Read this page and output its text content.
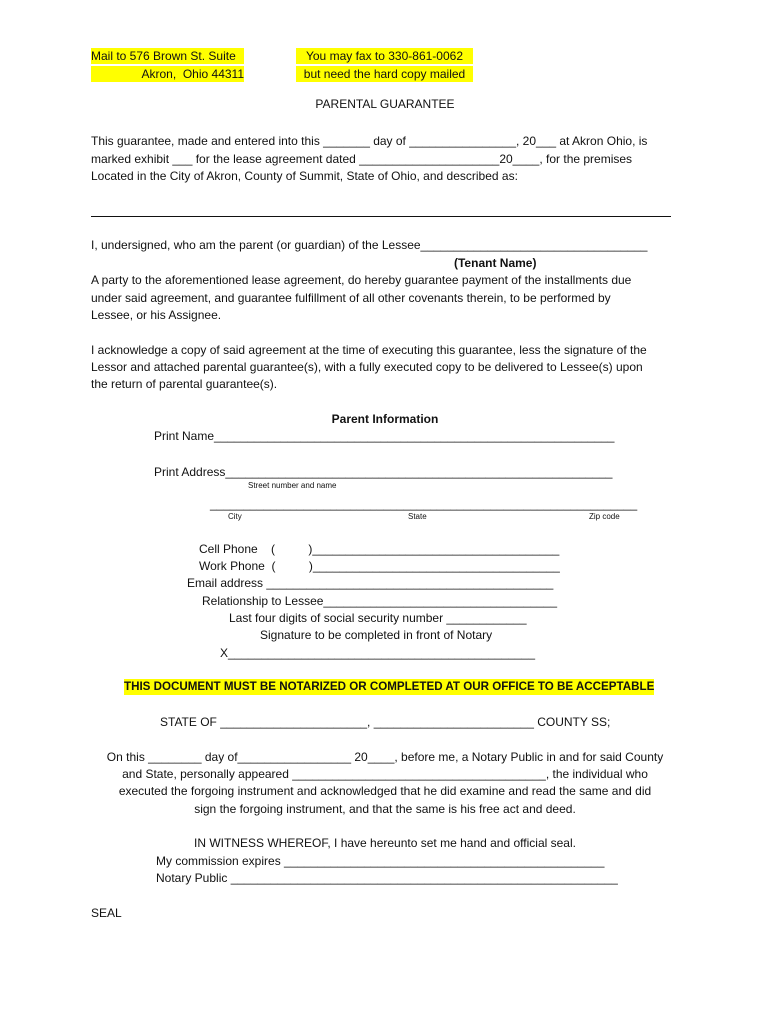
Mail to 576 Brown St. Suite
Akron,  Ohio 44311
You may fax to 330-861-0062
but need the hard copy mailed
PARENTAL GUARANTEE
This guarantee, made and entered into this _______ day of ________________, 20___ at Akron Ohio, is
marked exhibit ___ for the lease agreement dated _____________________20____, for the premises
Located in the City of Akron, County of Summit, State of Ohio, and described as:
I, undersigned, who am the parent (or guardian) of the Lessee__________________________________
(Tenant Name)
A party to the aforementioned lease agreement, do hereby guarantee payment of the installments due
under said agreement, and guarantee fulfillment of all other covenants therein, to be performed by
Lessee, or his Assignee.
I acknowledge a copy of said agreement at the time of executing this guarantee, less the signature of the
Lessor and attached parental guarantee(s), with a fully executed copy to be delivered to Lessee(s) upon
the return of parental guarantee(s).
Parent Information
Print Name____________________________________________________________
Print Address__________________________________________________________
Street number and name
________________________________________________________________
City	State	Zip code
Cell Phone    (          )_____________________________________
Work Phone  (          )_____________________________________
Email address ___________________________________________
Relationship to Lessee___________________________________
Last four digits of social security number ____________
Signature to be completed in front of Notary
X______________________________________________
THIS DOCUMENT MUST BE NOTARIZED OR COMPLETED AT OUR OFFICE TO BE ACCEPTABLE
STATE OF ______________________, ________________________ COUNTY SS;
On this ________ day of_________________ 20____, before me, a Notary Public in and for said County
and State, personally appeared ______________________________________, the individual who
executed the forgoing instrument and acknowledged that he did examine and read the same and did
sign the forgoing instrument, and that the same is his free act and deed.
IN WITNESS WHEREOF, I have hereunto set me hand and official seal.
My commission expires ________________________________________________
Notary Public __________________________________________________________
SEAL
